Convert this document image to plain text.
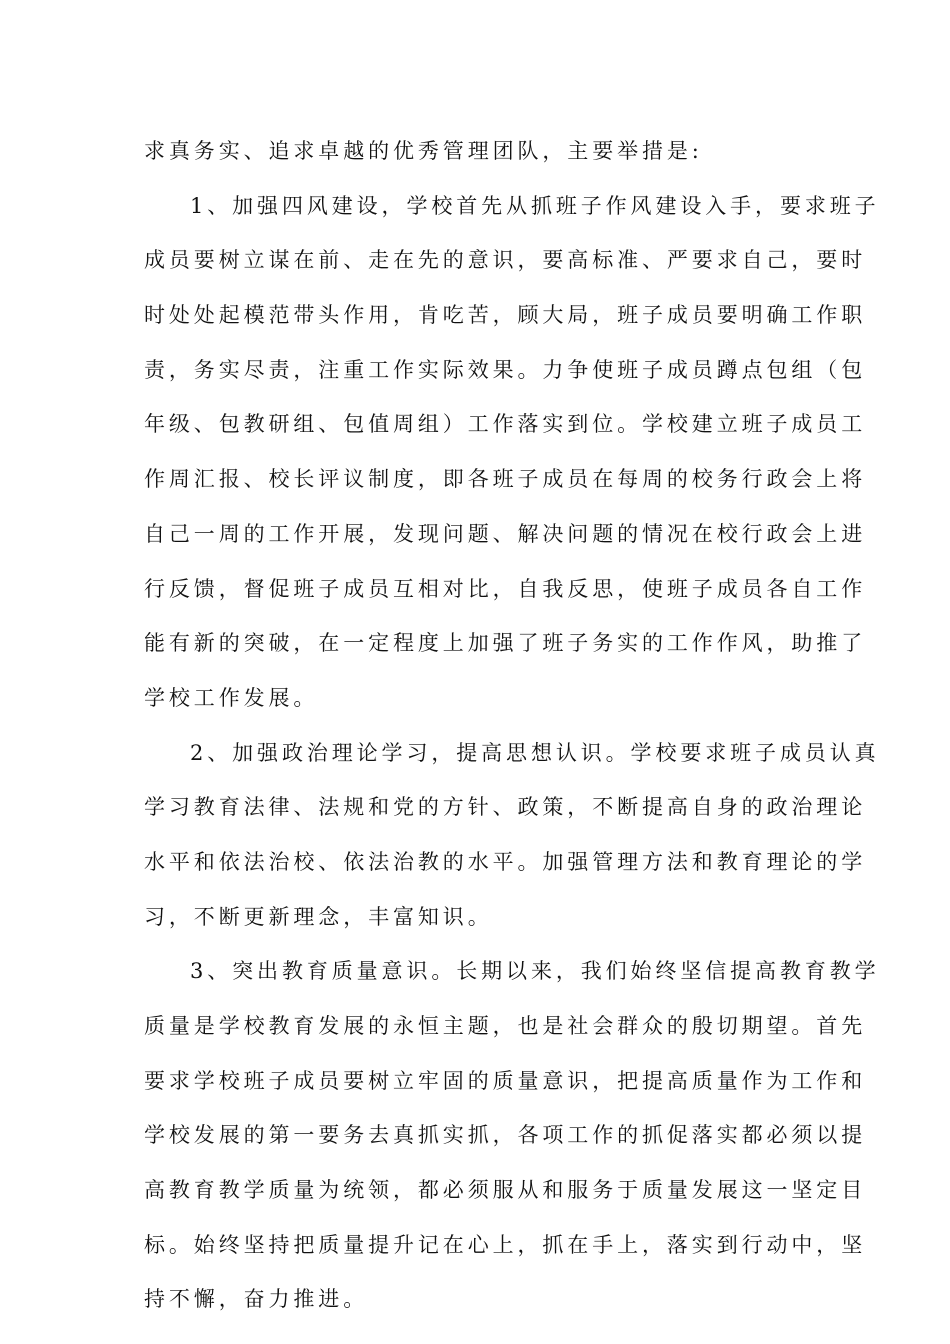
求真务实、追求卓越的优秀管理团队，主要举措是:
1、加强四风建设，学校首先从抓班子作风建设入手，要求班子
成员要树立谋在前、走在先的意识，要高标准、严要求自己，要时
时处处起模范带头作用，肯吃苦，顾大局，班子成员要明确工作职
责，务实尽责，注重工作实际效果。力争使班子成员蹲点包组（包
年级、包教研组、包值周组）工作落实到位。学校建立班子成员工
作周汇报、校长评议制度，即各班子成员在每周的校务行政会上将
自己一周的工作开展，发现问题、解决问题的情况在校行政会上进
行反馈，督促班子成员互相对比，自我反思，使班子成员各自工作
能有新的突破，在一定程度上加强了班子务实的工作作风，助推了
学校工作发展。
2、加强政治理论学习，提高思想认识。学校要求班子成员认真
学习教育法律、法规和党的方针、政策，不断提高自身的政治理论
水平和依法治校、依法治教的水平。加强管理方法和教育理论的学
习，不断更新理念，丰富知识。
3、突出教育质量意识。长期以来，我们始终坚信提高教育教学
质量是学校教育发展的永恒主题，也是社会群众的殷切期望。首先
要求学校班子成员要树立牢固的质量意识，把提高质量作为工作和
学校发展的第一要务去真抓实抓，各项工作的抓促落实都必须以提
高教育教学质量为统领，都必须服从和服务于质量发展这一坚定目
标。始终坚持把质量提升记在心上，抓在手上，落实到行动中，坚
持不懈，奋力推进。
